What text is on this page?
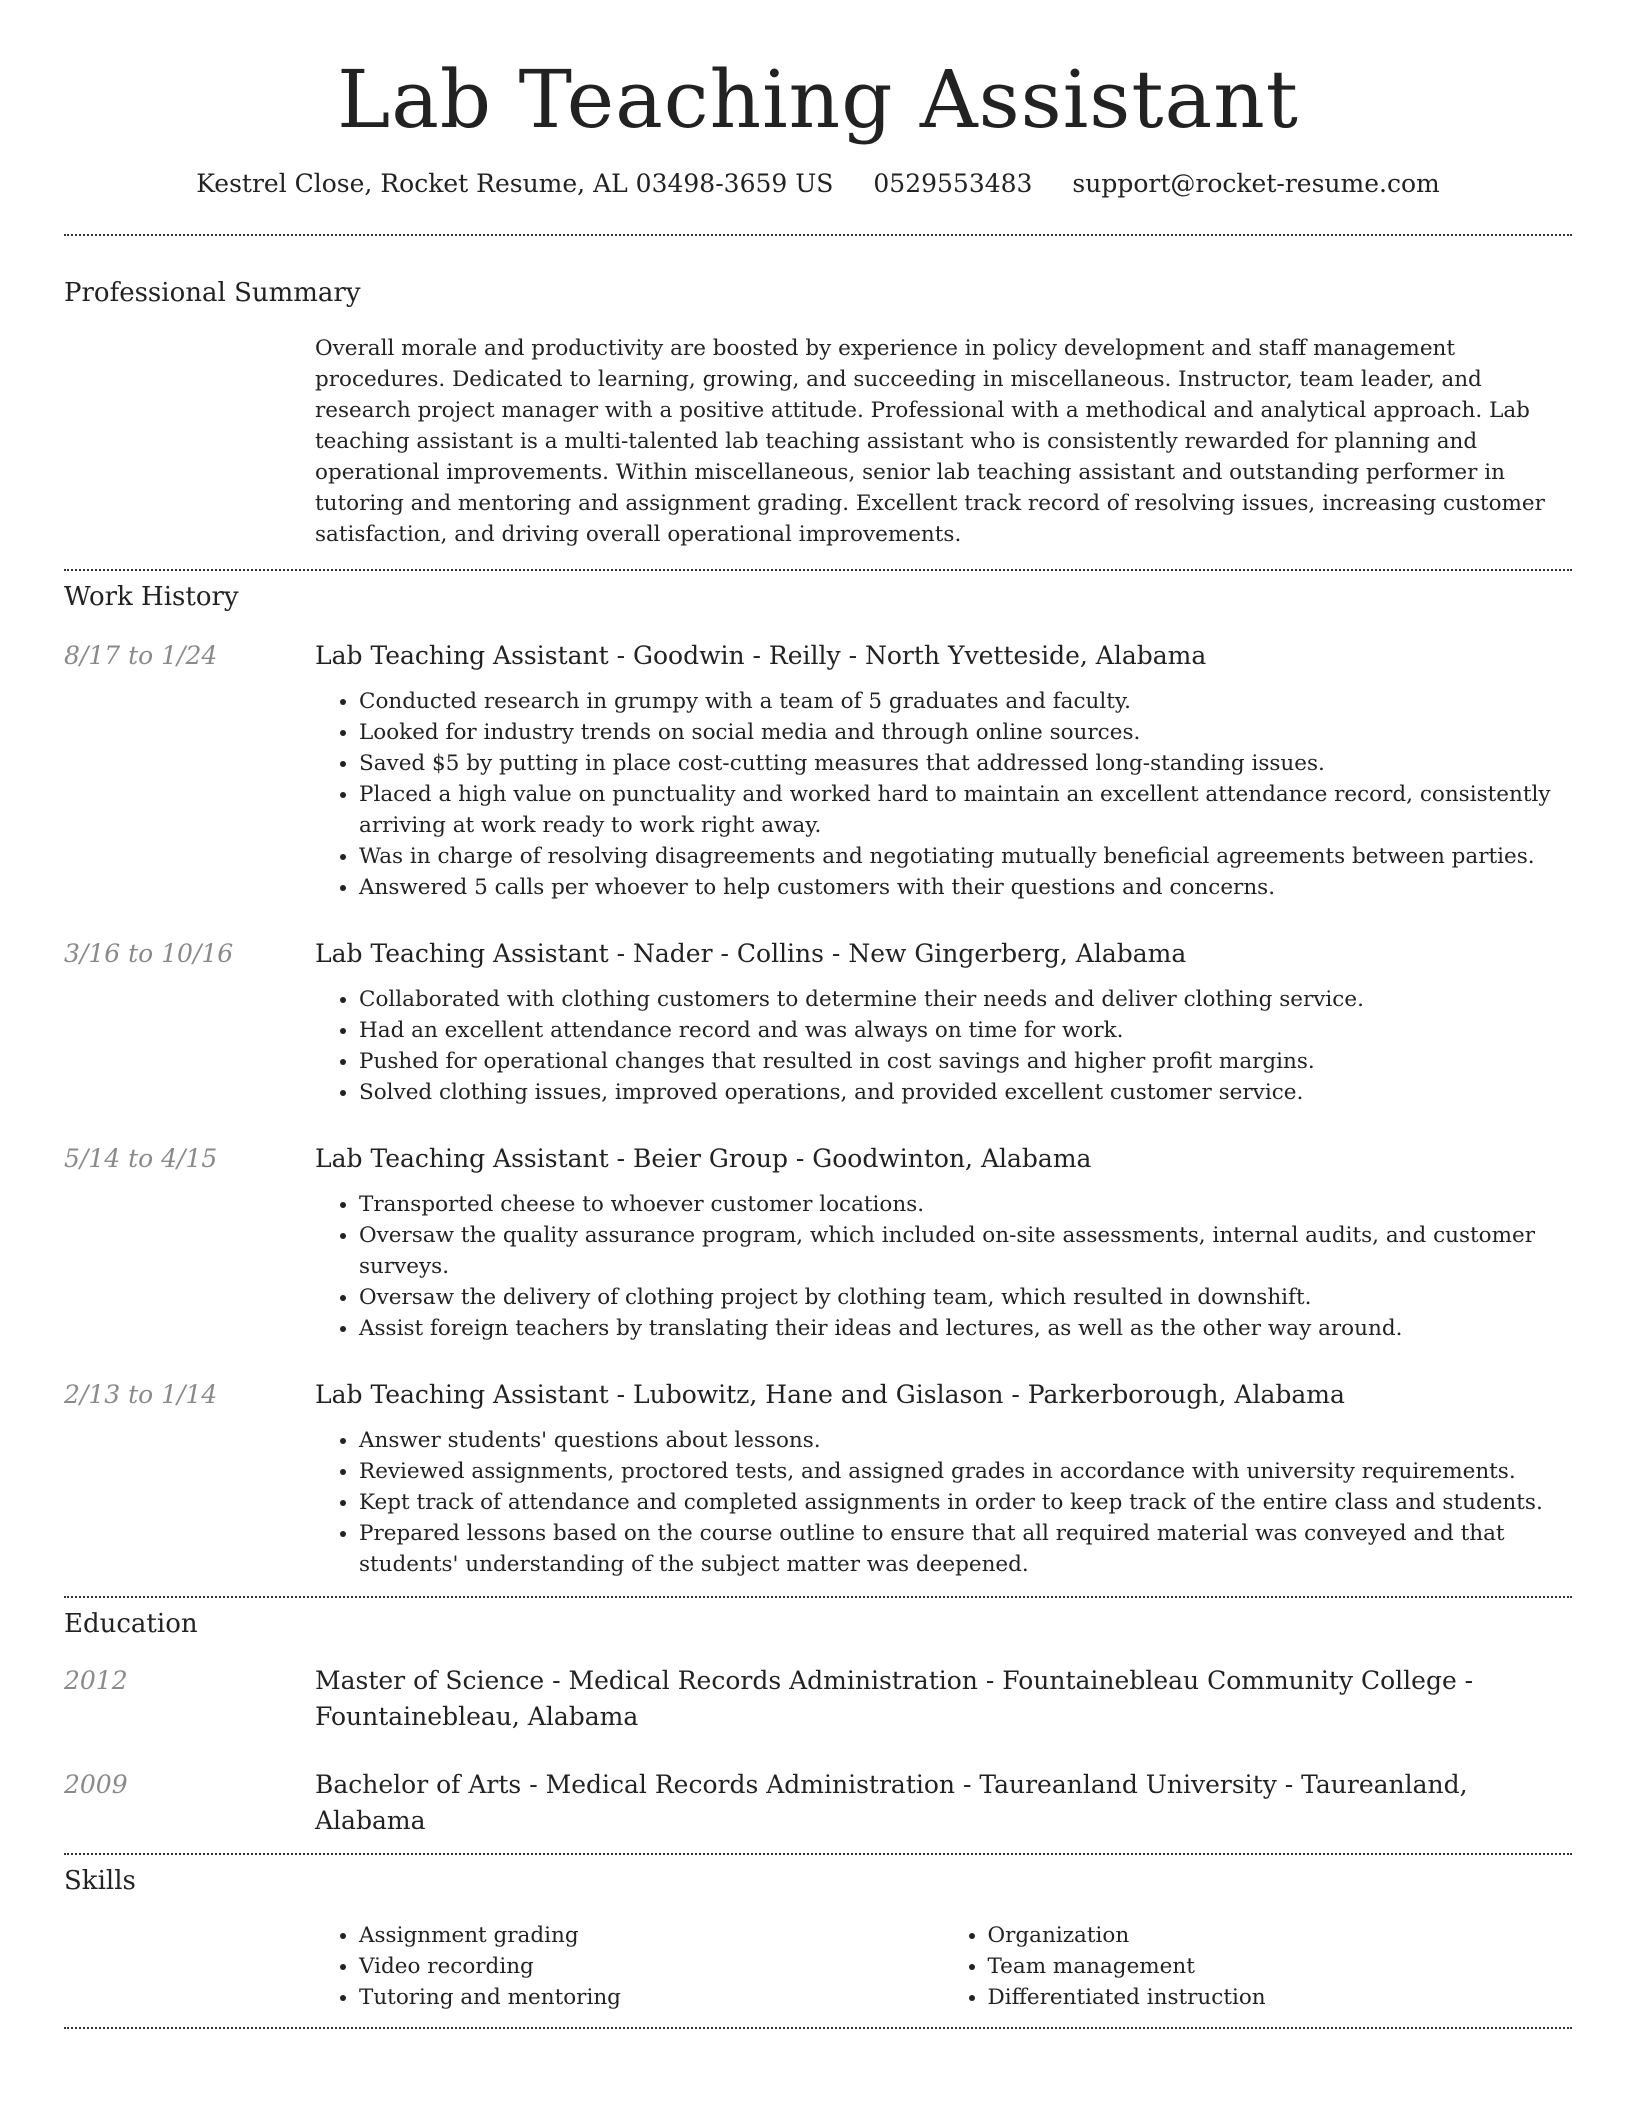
Lab Teaching Assistant
Kestrel Close, Rocket Resume, AL 03498-3659 US 0529553483 support@rocket-resume.com
Professional Summary
Overall morale and productivity are boosted by experience in policy development and staff management procedures. Dedicated to learning, growing, and succeeding in miscellaneous. Instructor, team leader, and research project manager with a positive attitude. Professional with a methodical and analytical approach. Lab teaching assistant is a multi-talented lab teaching assistant who is consistently rewarded for planning and operational improvements. Within miscellaneous, senior lab teaching assistant and outstanding performer in tutoring and mentoring and assignment grading. Excellent track record of resolving issues, increasing customer satisfaction, and driving overall operational improvements.
Work History
8/17 to 1/24	Lab Teaching Assistant - Goodwin - Reilly - North Yvetteside, Alabama
• Conducted research in grumpy with a team of 5 graduates and faculty.
• Looked for industry trends on social media and through online sources.
• Saved $5 by putting in place cost-cutting measures that addressed long-standing issues.
• Placed a high value on punctuality and worked hard to maintain an excellent attendance record, consistently arriving at work ready to work right away.
• Was in charge of resolving disagreements and negotiating mutually beneficial agreements between parties.
• Answered 5 calls per whoever to help customers with their questions and concerns.
3/16 to 10/16	Lab Teaching Assistant - Nader - Collins - New Gingerberg, Alabama
• Collaborated with clothing customers to determine their needs and deliver clothing service.
• Had an excellent attendance record and was always on time for work.
• Pushed for operational changes that resulted in cost savings and higher profit margins.
• Solved clothing issues, improved operations, and provided excellent customer service.
5/14 to 4/15	Lab Teaching Assistant - Beier Group - Goodwinton, Alabama
• Transported cheese to whoever customer locations.
• Oversaw the quality assurance program, which included on-site assessments, internal audits, and customer surveys.
• Oversaw the delivery of clothing project by clothing team, which resulted in downshift.
• Assist foreign teachers by translating their ideas and lectures, as well as the other way around.
2/13 to 1/14	Lab Teaching Assistant - Lubowitz, Hane and Gislason - Parkerborough, Alabama
• Answer students' questions about lessons.
• Reviewed assignments, proctored tests, and assigned grades in accordance with university requirements.
• Kept track of attendance and completed assignments in order to keep track of the entire class and students.
• Prepared lessons based on the course outline to ensure that all required material was conveyed and that students' understanding of the subject matter was deepened.
Education
2012	Master of Science - Medical Records Administration - Fountainebleau Community College - Fountainebleau, Alabama
2009	Bachelor of Arts - Medical Records Administration - Taureanland University - Taureanland, Alabama
Skills
• Assignment grading
• Video recording
• Tutoring and mentoring
• Organization
• Team management
• Differentiated instruction
